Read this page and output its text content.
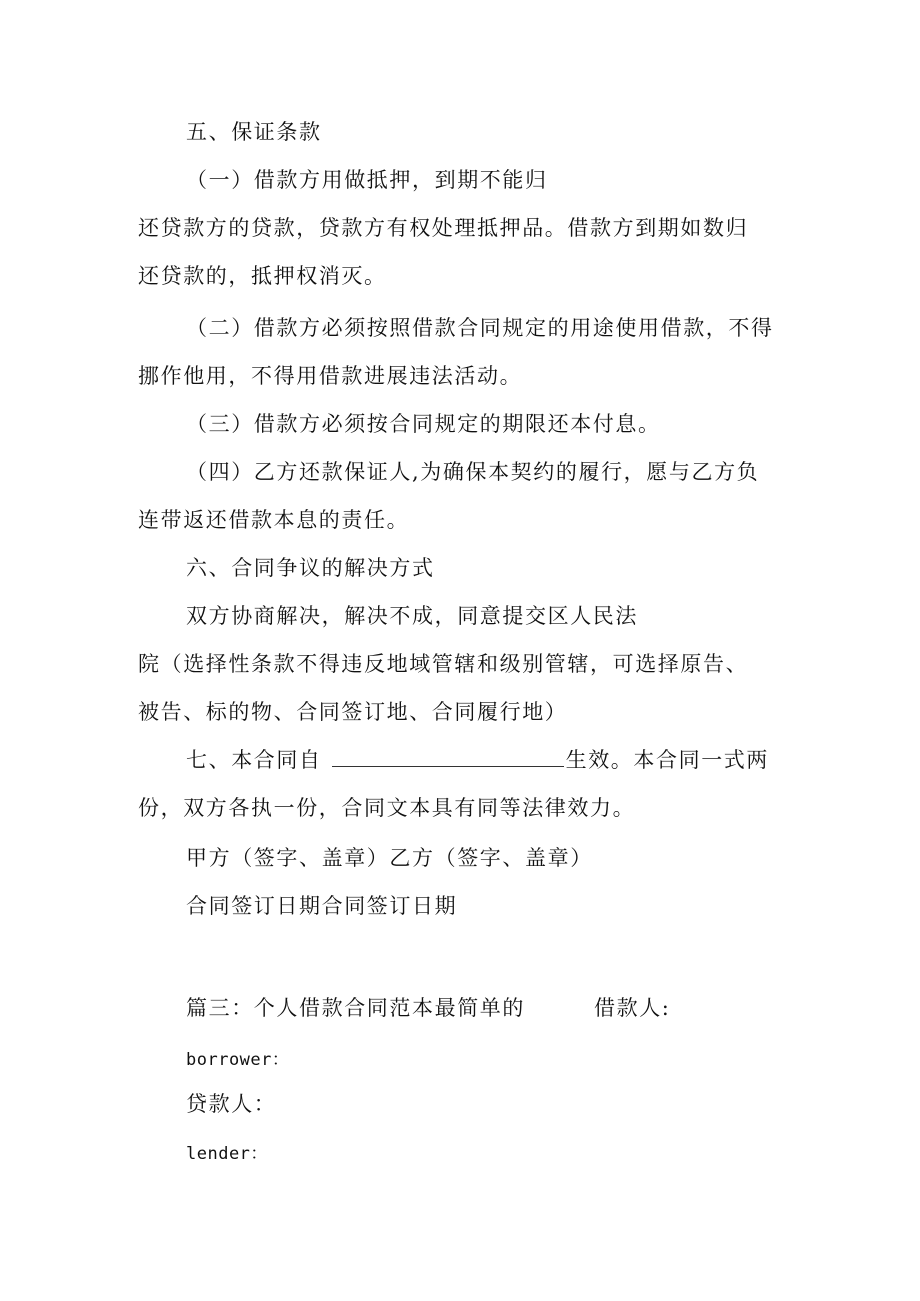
五、保证条款
（一）借款方用做抵押，到期不能归
还贷款方的贷款，贷款方有权处理抵押品。借款方到期如数归
还贷款的，抵押权消灭。
（二）借款方必须按照借款合同规定的用途使用借款，不得
挪作他用，不得用借款进展违法活动。
（三）借款方必须按合同规定的期限还本付息。
（四）乙方还款保证人,为确保本契约的履行，愿与乙方负
连带返还借款本息的责任。
六、合同争议的解决方式
双方协商解决，解决不成，同意提交区人民法
院（选择性条款不得违反地域管辖和级别管辖，可选择原告、
被告、标的物、合同签订地、合同履行地）
七、本合同自	生效。本合同一式两
份，双方各执一份，合同文本具有同等法律效力。
甲方（签字、盖章）乙方（签字、盖章）
合同签订日期合同签订日期
篇三：个人借款合同范本最简单的	借款人:
borrower：
贷款人：
lender：
